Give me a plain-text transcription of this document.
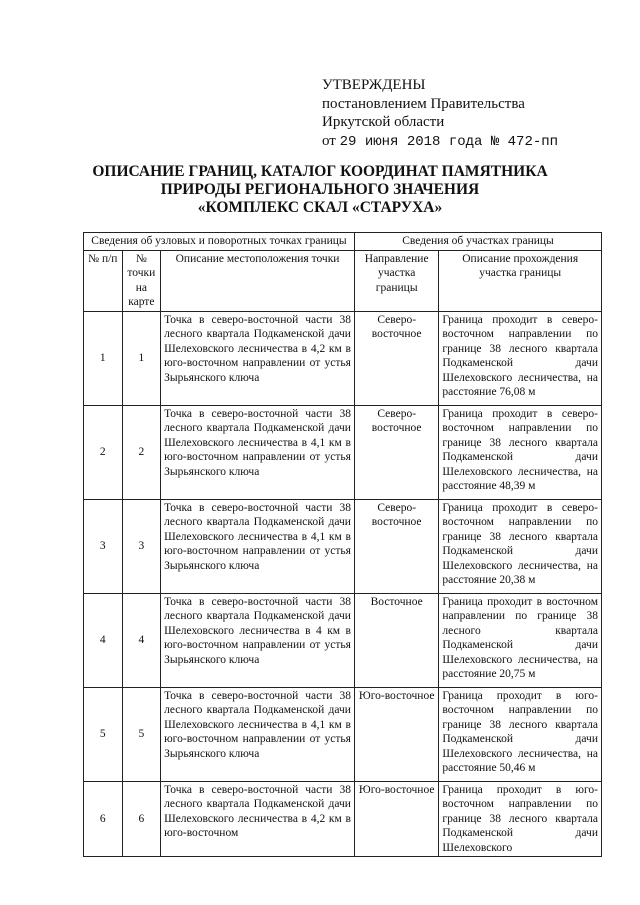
УТВЕРЖДЕНЫ
постановлением Правительства
Иркутской области
от 29 июня 2018 года № 472-пп
ОПИСАНИЕ ГРАНИЦ, КАТАЛОГ КООРДИНАТ ПАМЯТНИКА
ПРИРОДЫ РЕГИОНАЛЬНОГО ЗНАЧЕНИЯ
«КОМПЛЕКС СКАЛ «СТАРУХА»
Сведения об узловых и поворотных точках границы			Сведения об участках границы	
№ п/п	№ точки на карте	Описание местоположения точки	Направление участка границы	Описание прохождения участка границы
1	1	Точка в северо-восточной части 38 лесного квартала Подкаменской дачи Шелеховского лесничества в 4,2 км в юго-восточном направлении от устья Зырьянского ключа	Северо-восточное	Граница проходит в северо-восточном направлении по границе 38 лесного квартала Подкаменской дачи Шелеховского лесничества, на расстояние 76,08 м
2	2	Точка в северо-восточной части 38 лесного квартала Подкаменской дачи Шелеховского лесничества в 4,1 км в юго-восточном направлении от устья Зырьянского ключа	Северо-восточное	Граница проходит в северо-восточном направлении по границе 38 лесного квартала Подкаменской дачи Шелеховского лесничества, на расстояние 48,39 м
3	3	Точка в северо-восточной части 38 лесного квартала Подкаменской дачи Шелеховского лесничества в 4,1 км в юго-восточном направлении от устья Зырьянского ключа	Северо-восточное	Граница проходит в северо-восточном направлении по границе 38 лесного квартала Подкаменской дачи Шелеховского лесничества, на расстояние 20,38 м
4	4	Точка в северо-восточной части 38 лесного квартала Подкаменской дачи Шелеховского лесничества в 4 км в юго-восточном направлении от устья Зырьянского ключа	Восточное	Граница проходит в восточном направлении по границе 38 лесного квартала Подкаменской дачи Шелеховского лесничества, на расстояние 20,75 м
5	5	Точка в северо-восточной части 38 лесного квартала Подкаменской дачи Шелеховского лесничества в 4,1 км в юго-восточном направлении от устья Зырьянского ключа	Юго-восточное	Граница проходит в юго-восточном направлении по границе 38 лесного квартала Подкаменской дачи Шелеховского лесничества, на расстояние 50,46 м
6	6	Точка в северо-восточной части 38 лесного квартала Подкаменской дачи Шелеховского лесничества в 4,2 км в юго-восточном	Юго-восточное	Граница проходит в юго-восточном направлении по границе 38 лесного квартала Подкаменской дачи Шелеховского
